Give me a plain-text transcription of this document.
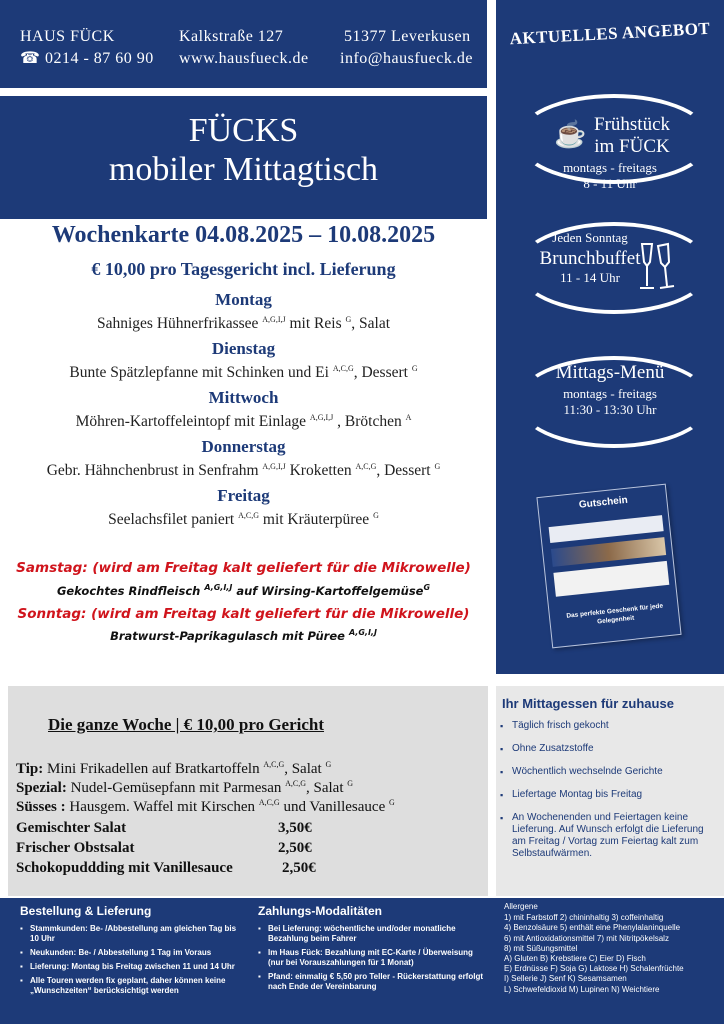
HAUS FÜCK
☎ 0214 - 87 60 90
Kalkstraße 127
www.hausfueck.de
51377 Leverkusen
info@hausfueck.de
FÜCKS
mobiler Mittagtisch
Wochenkarte 04.08.2025 – 10.08.2025
€ 10,00 pro Tagesgericht incl. Lieferung
Montag
Sahniges Hühnerfrikassee $^{A,G,I,J}$ mit Reis $^G$, Salat
Dienstag
Bunte Spätzlepfanne mit Schinken und Ei $^{A,C,G}$, Dessert $^G$
Mittwoch
Möhren-Kartoffeleintopf mit Einlage $^{A,G,I,J}$ , Brötchen $^A$
Donnerstag
Gebr. Hähnchenbrust in Senfrahm $^{A,G,I,J}$ Kroketten $^{A,C,G}$, Dessert $^G$
Freitag
Seelachsfilet paniert $^{A,C,G}$ mit Kräuterpüree $^G$
Samstag: (wird am Freitag kalt geliefert für die Mikrowelle)
Gekochtes Rindfleisch $^{A,G,I,J}$ auf Wirsing-Kartoffelgemüse$^G$
Sonntag: (wird am Freitag kalt geliefert für die Mikrowelle)
Bratwurst-Paprikagulasch mit Püree $^{A,G,I,J}$
AKTUELLES ANGEBOT
☕ Frühstück
im FÜCK
montags - freitags
8 - 11 Uhr
Jeden Sonntag
Brunchbuffet
11 - 14 Uhr
Mittags-Menü
montags - freitags
11:30 - 13:30 Uhr
Gutschein
Das perfekte Geschenk für jede Gelegenheit
Die ganze Woche | € 10,00 pro Gericht
Tip: Mini Frikadellen auf Bratkartoffeln $^{A,C,G}$, Salat $^G$
Spezial: Nudel-Gemüsepfann mit Parmesan $^{A,C,G}$, Salat $^G$
Süsses : Hausgem. Waffel mit Kirschen $^{A,C,G}$ und Vanillesauce $^G$
Gemischter Salat	3,50€
Frischer Obstsalat	2,50€
Schokopuddding mit Vanillesauce	2,50€
Ihr Mittagessen für zuhause
▪ Täglich frisch gekocht
▪ Ohne Zusatzstoffe
▪ Wöchentlich wechselnde Gerichte
▪ Liefertage Montag bis Freitag
▪ An Wochenenden und Feiertagen keine Lieferung. Auf Wunsch erfolgt die Lieferung am Freitag / Vortag zum Feiertag kalt zum Selbstaufwärmen.
Bestellung & Lieferung
▪ Stammkunden: Be- /Abbestellung am gleichen Tag bis 10 Uhr
▪ Neukunden: Be- / Abbestellung 1 Tag im Voraus
▪ Lieferung: Montag bis Freitag zwischen 11 und 14 Uhr
▪ Alle Touren werden fix geplant, daher können keine „Wunschzeiten“ berücksichtigt werden
Zahlungs-Modalitäten
▪ Bei Lieferung: wöchentliche und/oder monatliche Bezahlung beim Fahrer
▪ Im Haus Fück: Bezahlung mit EC-Karte / Überweisung (nur bei Vorauszahlungen für 1 Monat)
▪ Pfand: einmalig € 5,50 pro Teller - Rückerstattung erfolgt nach Ende der Vereinbarung
Allergene
1) mit Farbstoff 2) chininhaltig 3) coffeinhaltig
4) Benzolsäure 5) enthält eine Phenylalaninquelle
6) mit Antioxidationsmittel 7) mit Nitritpökelsalz
8) mit Süßungsmittel
A) Gluten B) Krebstiere C) Eier D) Fisch
E) Erdnüsse F) Soja G) Laktose H) Schalenfrüchte
I) Sellerie J) Senf K) Sesamsamen
L) Schwefeldioxid M) Lupinen N) Weichtiere
